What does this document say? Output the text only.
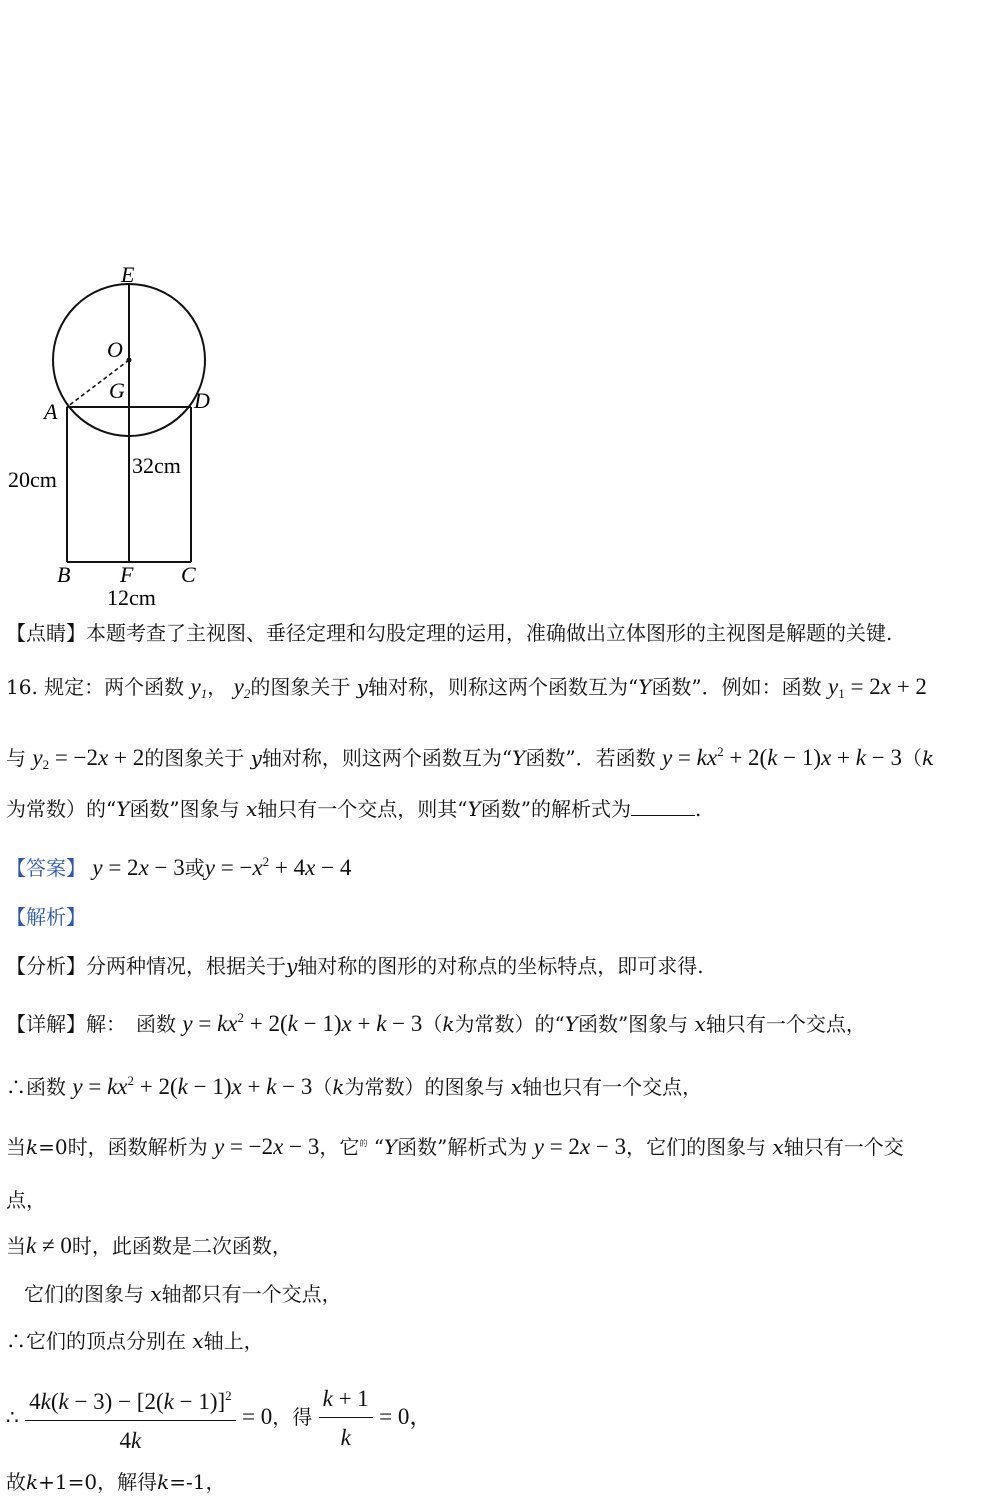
E
O
G
A	D
B F C
20cm
32cm
12cm
【点睛】本题考查了主视图、垂径定理和勾股定理的运用，准确做出立体图形的主视图是解题的关键.
16. 规定：两个函数 $y_1$， $y_2$的图象关于 y轴对称，则称这两个函数互为“Y函数”．例如：函数 $y_1 = 2x + 2$
与 $y_2 = -2x + 2$的图象关于 y轴对称，则这两个函数互为“Y函数”．若函数 $y = kx^2 + 2(k - 1)x + k - 3(k$
为常数）的“Y函数”图象与 x轴只有一个交点，则其“Y函数”的解析式为	.
【答案】 y = 2x − 3或$y = -x^2 + 4x - 4$
【解析】
【分析】分两种情况，根据关于y轴对称的图形的对称点的坐标特点，即可求得.
【详解】解：　函数 $y = kx^2 + 2(k - 1)x + k - 3(k$为常数）的“Y函数”图象与 x轴只有一个交点，
∴函数 $y = kx^2 + 2(k - 1)x + k - 3(k$为常数）的图象与 x轴也只有一个交点，
当k=0时，函数解析为 y = −2x − 3，它$^的$ “Y函数”解析式为 y = 2x − 3，它们的图象与 x轴只有一个交
点，
当k ≠ 0时，此函数是二次函数，
它们的图象与 x轴都只有一个交点，
∴它们的顶点分别在 x轴上，
∴ $\frac{4k(k - 3) - [2(k - 1)]^2}{4k} = 0$，得 $\frac{k + 1}{k} = 0$，
故k+1=0，解得k=-1，
